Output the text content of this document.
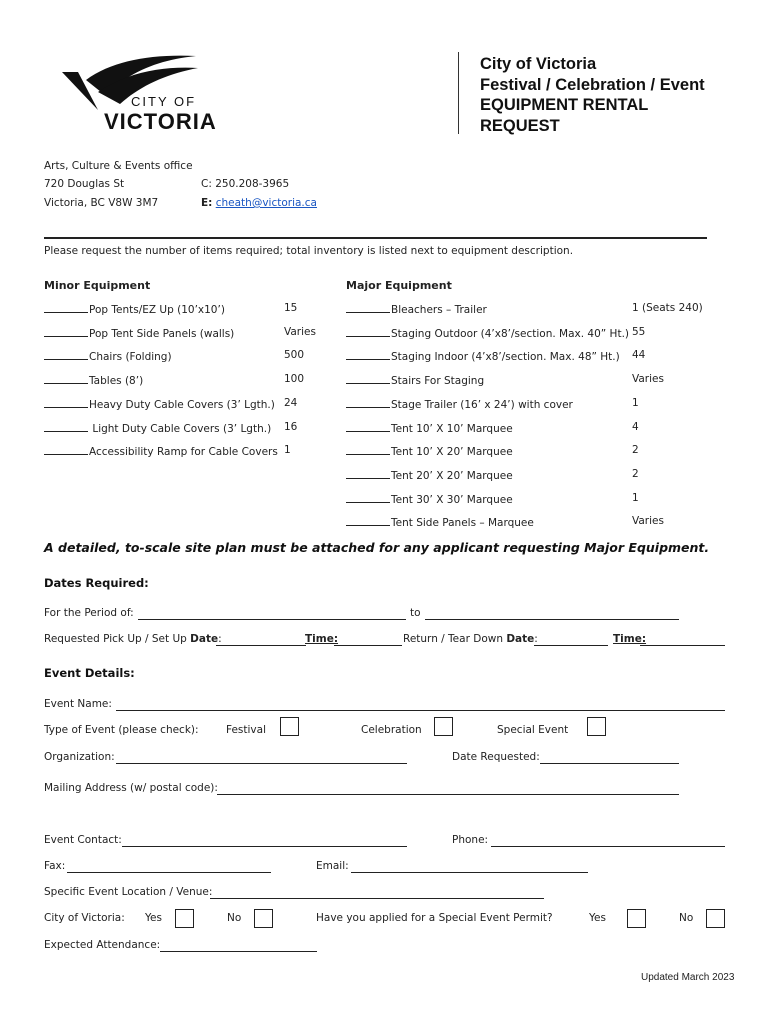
CITY OF
VICTORIA
City of Victoria
Festival / Celebration / Event
EQUIPMENT RENTAL
REQUEST
Arts, Culture & Events office
720 Douglas St
Victoria, BC V8W 3M7
C: 250.208-3965
E: cheath@victoria.ca
Please request the number of items required; total inventory is listed next to equipment description.
Minor Equipment
Pop Tents/EZ Up (10’x10’)	15
Pop Tent Side Panels (walls)	Varies
Chairs (Folding)	500
Tables (8’)	100
Heavy Duty Cable Covers (3’ Lgth.) 24
Light Duty Cable Covers (3’ Lgth.) 16
Accessibility Ramp for Cable Covers 1
Major Equipment
Bleachers – Trailer	1 (Seats 240)
Staging Outdoor (4’x8’/section. Max. 40” Ht.) 55
Staging Indoor (4’x8’/section. Max. 48” Ht.) 44
Stairs For Staging	Varies
Stage Trailer (16’ x 24’) with cover	1
Tent 10’ X 10’ Marquee	4
Tent 10’ X 20’ Marquee	2
Tent 20’ X 20’ Marquee	2
Tent 30’ X 30’ Marquee	1
Tent Side Panels – Marquee	Varies
A detailed, to-scale site plan must be attached for any applicant requesting Major Equipment.
Dates Required:
For the Period of:	to
Requested Pick Up / Set Up Date:	Time:	Return / Tear Down Date:	Time:
Event Details:
Event Name:
Type of Event (please check):	Festival	Celebration	Special Event
Organization:	Date Requested:
Mailing Address (w/ postal code):
Event Contact:	Phone:
Fax:	Email:
Specific Event Location / Venue:
City of Victoria: Yes	No	Have you applied for a Special Event Permit?	Yes	No
Expected Attendance:
Updated March 2023
